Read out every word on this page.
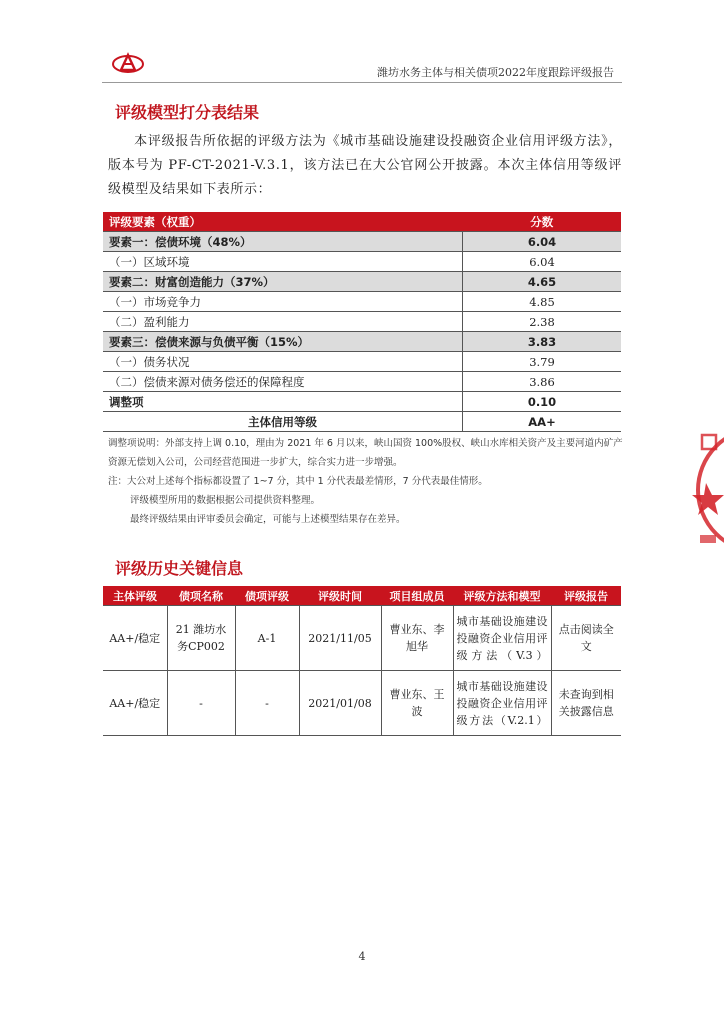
潍坊水务主体与相关债项2022年度跟踪评级报告
评级模型打分表结果
本评级报告所依据的评级方法为《城市基础设施建设投融资企业信用评级方法》，版本号为 PF-CT-2021-V.3.1，该方法已在大公官网公开披露。本次主体信用等级评级模型及结果如下表所示：
评级要素（权重）	分数
要素一：偿债环境（48%）	6.04
（一）区域环境	6.04
要素二：财富创造能力（37%）	4.65
（一）市场竞争力	4.85
（二）盈利能力	2.38
要素三：偿债来源与负债平衡（15%）	3.83
（一）债务状况	3.79
（二）偿债来源对债务偿还的保障程度	3.86
调整项	0.10
主体信用等级	AA+

调整项说明：外部支持上调 0.10，理由为 2021 年 6 月以来，峡山国资 100%股权、峡山水库相关资产及主要河道内矿产资源无偿划入公司，公司经营范围进一步扩大，综合实力进一步增强。

注：大公对上述每个指标都设置了 1~7 分，其中 1 分代表最差情形，7 分代表最佳情形。

评级模型所用的数据根据公司提供资料整理。

最终评级结果由评审委员会确定，可能与上述模型结果存在差异。

评级历史关键信息
主体评级	债项名称	债项评级	评级时间	项目组成员	评级方法和模型	评级报告
AA+/稳定	21 潍坊水务CP002	A-1	2021/11/05	曹业东、李旭华	城市基础设施建设投融资企业信用评级方法（V.3）	点击阅读全文
AA+/稳定	-	-	2021/01/08	曹业东、王波	城市基础设施建设投融资企业信用评级方法（V.2.1）	未查询到相关披露信息
4
